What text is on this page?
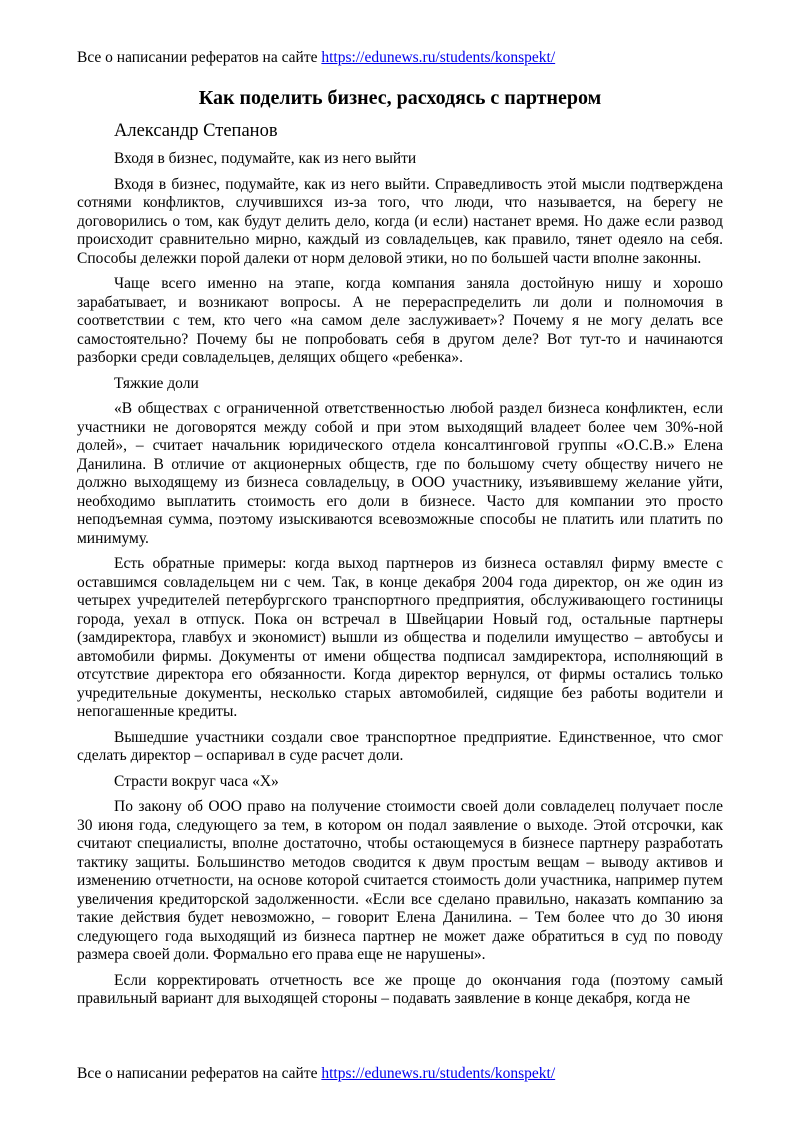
Все о написании рефератов на сайте https://edunews.ru/students/konspekt/
Как поделить бизнес, расходясь с партнером
Александр Степанов
Входя в бизнес, подумайте, как из него выйти

Входя в бизнес, подумайте, как из него выйти. Справедливость этой мысли подтверждена сотнями конфликтов, случившихся из-за того, что люди, что называется, на берегу не договорились о том, как будут делить дело, когда (и если) настанет время. Но даже если развод происходит сравнительно мирно, каждый из совладельцев, как правило, тянет одеяло на себя. Способы дележки порой далеки от норм деловой этики, но по большей части вполне законны.

Чаще всего именно на этапе, когда компания заняла достойную нишу и хорошо зарабатывает, и возникают вопросы. А не перераспределить ли доли и полномочия в соответствии с тем, кто чего «на самом деле заслуживает»? Почему я не могу делать все самостоятельно? Почему бы не попробовать себя в другом деле? Вот тут-то и начинаются разборки среди совладельцев, делящих общего «ребенка».

Тяжкие доли

«В обществах с ограниченной ответственностью любой раздел бизнеса конфликтен, если участники не договорятся между собой и при этом выходящий владеет более чем 30%-ной долей», – считает начальник юридического отдела консалтинговой группы «О.С.В.» Елена Данилина. В отличие от акционерных обществ, где по большому счету обществу ничего не должно выходящему из бизнеса совладельцу, в ООО участнику, изъявившему желание уйти, необходимо выплатить стоимость его доли в бизнесе. Часто для компании это просто неподъемная сумма, поэтому изыскиваются всевозможные способы не платить или платить по минимуму.

Есть обратные примеры: когда выход партнеров из бизнеса оставлял фирму вместе с оставшимся совладельцем ни с чем. Так, в конце декабря 2004 года директор, он же один из четырех учредителей петербургского транспортного предприятия, обслуживающего гостиницы города, уехал в отпуск. Пока он встречал в Швейцарии Новый год, остальные партнеры (замдиректора, главбух и экономист) вышли из общества и поделили имущество – автобусы и автомобили фирмы. Документы от имени общества подписал замдиректора, исполняющий в отсутствие директора его обязанности. Когда директор вернулся, от фирмы остались только учредительные документы, несколько старых автомобилей, сидящие без работы водители и непогашенные кредиты.

Вышедшие участники создали свое транспортное предприятие. Единственное, что смог сделать директор – оспаривал в суде расчет доли.

Страсти вокруг часа «Х»

По закону об ООО право на получение стоимости своей доли совладелец получает после 30 июня года, следующего за тем, в котором он подал заявление о выходе. Этой отсрочки, как считают специалисты, вполне достаточно, чтобы остающемуся в бизнесе партнеру разработать тактику защиты. Большинство методов сводится к двум простым вещам – выводу активов и изменению отчетности, на основе которой считается стоимость доли участника, например путем увеличения кредиторской задолженности. «Если все сделано правильно, наказать компанию за такие действия будет невозможно, – говорит Елена Данилина. – Тем более что до 30 июня следующего года выходящий из бизнеса партнер не может даже обратиться в суд по поводу размера своей доли. Формально его права еще не нарушены».

Если корректировать отчетность все же проще до окончания года (поэтому самый правильный вариант для выходящей стороны – подавать заявление в конце декабря, когда не

Все о написании рефератов на сайте https://edunews.ru/students/konspekt/
